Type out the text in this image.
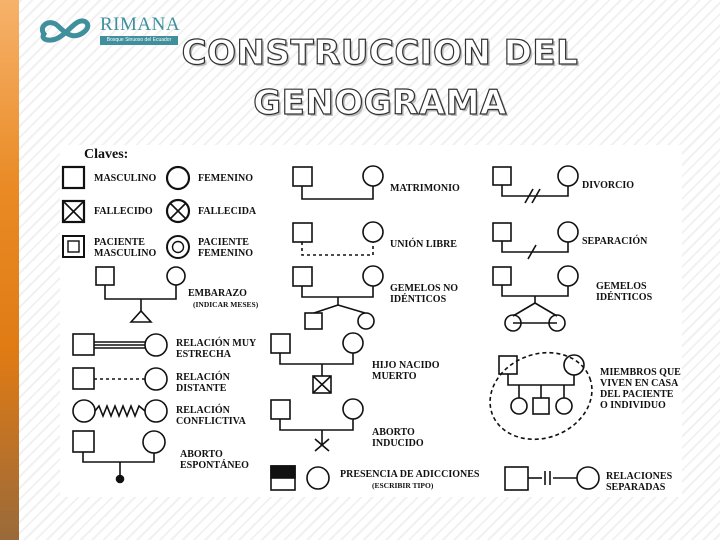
RIMANA
Bosque Sinuoso del Ecuador CONSTRUCCION DEL GENOGRAMA
Claves:
MASCULINO	FEMENINO
FALLECIDO	FALLECIDA
PACIENTE
MASCULINO
PACIENTE
FEMENINO
EMBARAZO
(INDICAR MESES)
RELACIÓN MUY
ESTRECHA
RELACIÓN
DISTANTE
RELACIÓN
CONFLICTIVA
ABORTO
ESPONTÁNEO
MATRIMONIO
UNIÓN LIBRE
GEMELOS NO
IDÉNTICOS
HIJO NACIDO
MUERTO
ABORTO
INDUCIDO
PRESENCIA DE ADICCIONES
(ESCRIBIR TIPO)
DIVORCIO
SEPARACIÓN
GEMELOS
IDÉNTICOS
MIEMBROS QUE
VIVEN EN CASA
DEL PACIENTE
O INDIVIDUO
RELACIONES
SEPARADAS
